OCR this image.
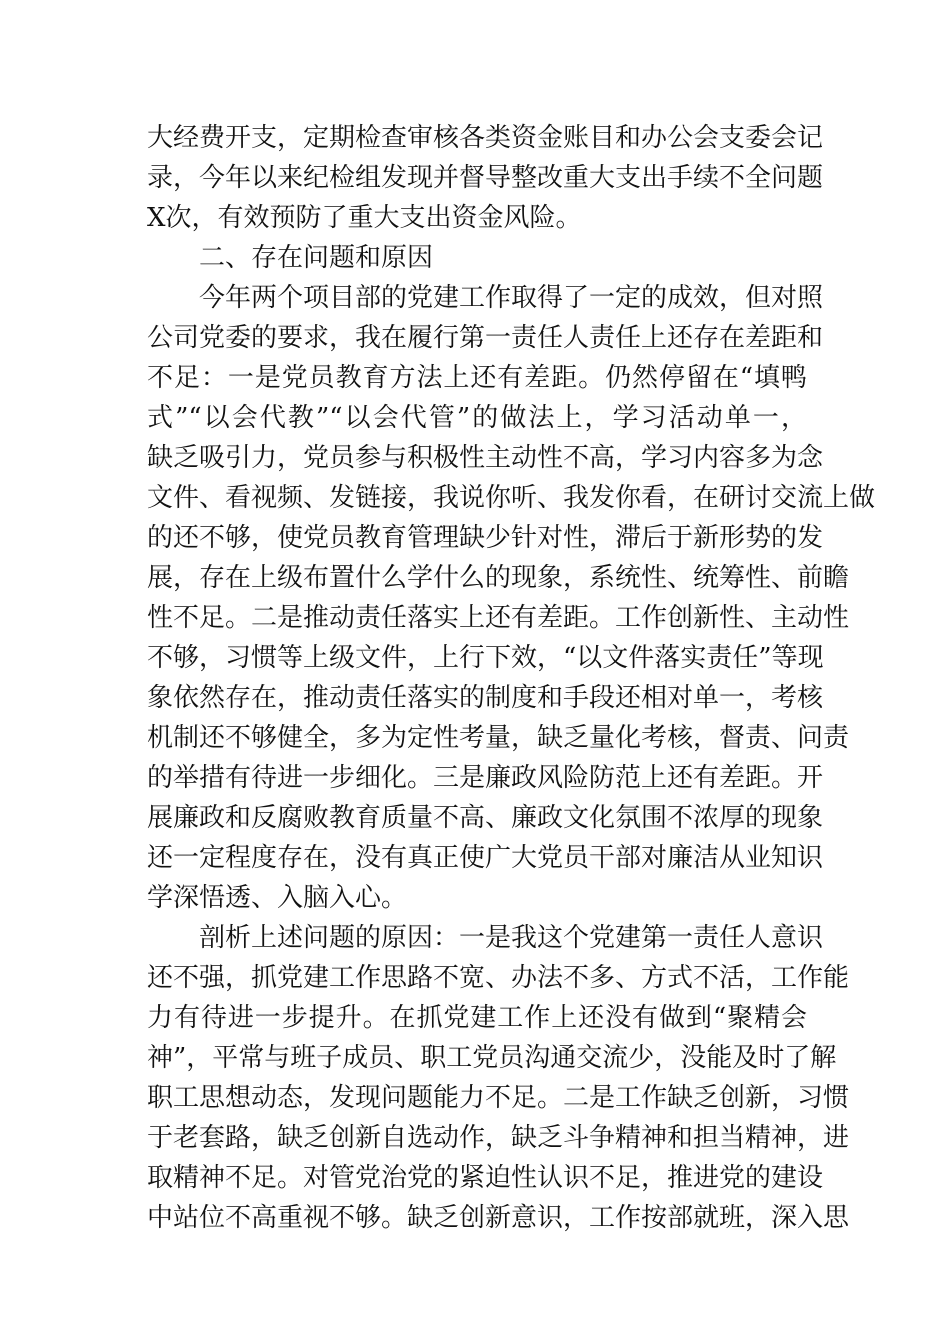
大经费开支，定期检查审核各类资金账目和办公会支委会记
录，今年以来纪检组发现并督导整改重大支出手续不全问题
X次，有效预防了重大支出资金风险。
二、存在问题和原因
今年两个项目部的党建工作取得了一定的成效，但对照
公司党委的要求，我在履行第一责任人责任上还存在差距和
不足：一是党员教育方法上还有差距。仍然停留在“填鸭
式”“以会代教”“以会代管”的做法上，学习活动单一，
缺乏吸引力，党员参与积极性主动性不高，学习内容多为念
文件、看视频、发链接，我说你听、我发你看，在研讨交流上做
的还不够，使党员教育管理缺少针对性，滞后于新形势的发
展，存在上级布置什么学什么的现象，系统性、统筹性、前瞻
性不足。二是推动责任落实上还有差距。工作创新性、主动性
不够，习惯等上级文件，上行下效，“以文件落实责任”等现
象依然存在，推动责任落实的制度和手段还相对单一，考核
机制还不够健全，多为定性考量，缺乏量化考核，督责、问责
的举措有待进一步细化。三是廉政风险防范上还有差距。开
展廉政和反腐败教育质量不高、廉政文化氛围不浓厚的现象
还一定程度存在，没有真正使广大党员干部对廉洁从业知识
学深悟透、入脑入心。
剖析上述问题的原因：一是我这个党建第一责任人意识
还不强，抓党建工作思路不宽、办法不多、方式不活，工作能
力有待进一步提升。在抓党建工作上还没有做到“聚精会
神”，平常与班子成员、职工党员沟通交流少，没能及时了解
职工思想动态，发现问题能力不足。二是工作缺乏创新，习惯
于老套路，缺乏创新自选动作，缺乏斗争精神和担当精神，进
取精神不足。对管党治党的紧迫性认识不足，推进党的建设
中站位不高重视不够。缺乏创新意识，工作按部就班，深入思
